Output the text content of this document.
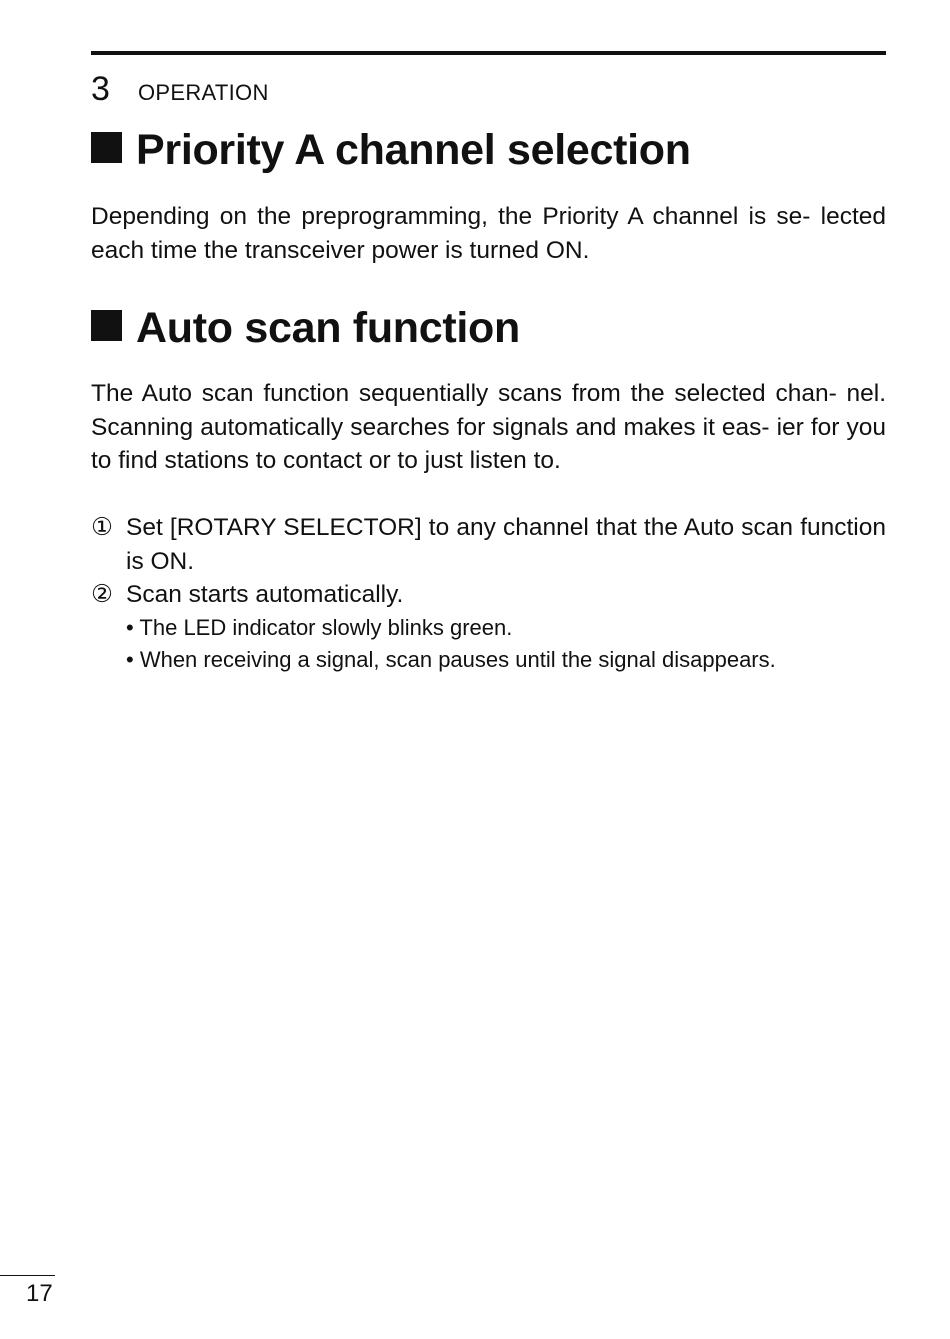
3 OPERATION
Priority A channel selection

Depending on the preprogramming, the Priority A channel is se- lected each time the transceiver power is turned ON.

Auto scan function

The Auto scan function sequentially scans from the selected chan- nel. Scanning automatically searches for signals and makes it eas- ier for you to find stations to contact or to just listen to.

① Set [ROTARY SELECTOR] to any channel that the Auto scan function is ON.
② Scan starts automatically.
• The LED indicator slowly blinks green.
• When receiving a signal, scan pauses until the signal disappears.
17
